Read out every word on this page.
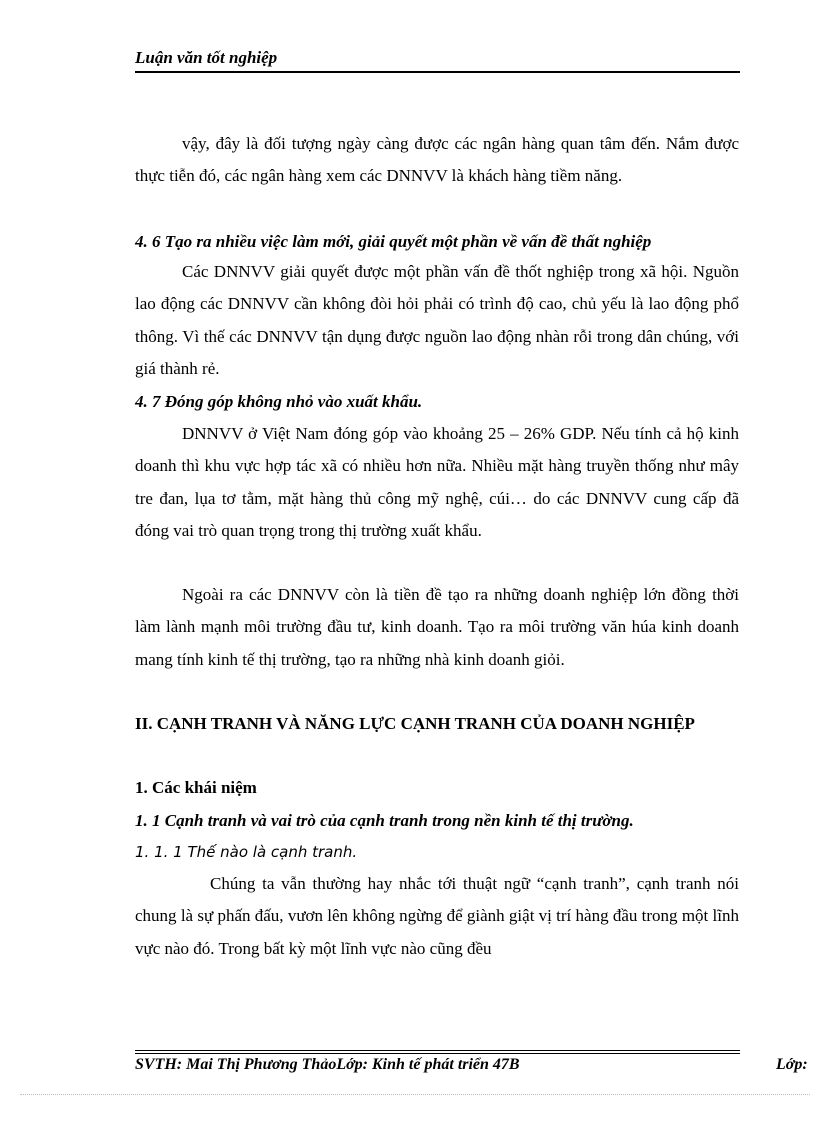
Luận văn tốt nghiệp
vậy, đây là đối tượng ngày càng được các ngân hàng quan tâm đến. Nắm được thực tiễn đó, các ngân hàng xem các DNNVV là khách hàng tiềm năng.
4. 6 Tạo ra nhiều việc làm mới, giải quyết một phần về vấn đề thất nghiệp
Các DNNVV giải quyết được một phần vấn đề thốt nghiệp trong xã hội. Nguồn lao động các DNNVV cần không đòi hỏi phải có trình độ cao, chủ yếu là lao động phổ thông. Vì thế các DNNVV tận dụng được nguồn lao động nhàn rỗi trong dân chúng, với giá thành rẻ.
4. 7 Đóng góp không nhỏ vào xuất khẩu.
DNNVV ở Việt Nam đóng góp vào khoảng 25 – 26% GDP. Nếu tính cả hộ kinh doanh thì khu vực hợp tác xã có nhiều hơn nữa. Nhiều mặt hàng truyền thống như mây tre đan, lụa tơ tằm, mặt hàng thủ công mỹ nghệ, cúi… do các DNNVV cung cấp đã đóng vai trò quan trọng trong thị trường xuất khẩu.
Ngoài ra các DNNVV còn là tiền đề tạo ra những doanh nghiệp lớn đồng thời làm lành mạnh môi trường đầu tư, kinh doanh. Tạo ra môi trường văn húa kinh doanh mang tính kinh tế thị trường, tạo ra những nhà kinh doanh giỏi.
II. CẠNH TRANH VÀ NĂNG LỰC CẠNH TRANH CỦA DOANH NGHIỆP
1. Các khái niệm
1. 1 Cạnh tranh và vai trò của cạnh tranh trong nền kinh tế thị trường.
1. 1. 1 Thế nào là cạnh tranh.
Chúng ta vẫn thường hay nhắc tới thuật ngữ “cạnh tranh”, cạnh tranh nói chung là sự phấn đấu, vươn lên không ngừng để giành giật vị trí hàng đầu trong một lĩnh vực nào đó. Trong bất kỳ một lĩnh vực nào cũng đều
SVTH: Mai Thị Phương ThảoLớp: Kinh tế phát triển 47B	Lớp:
